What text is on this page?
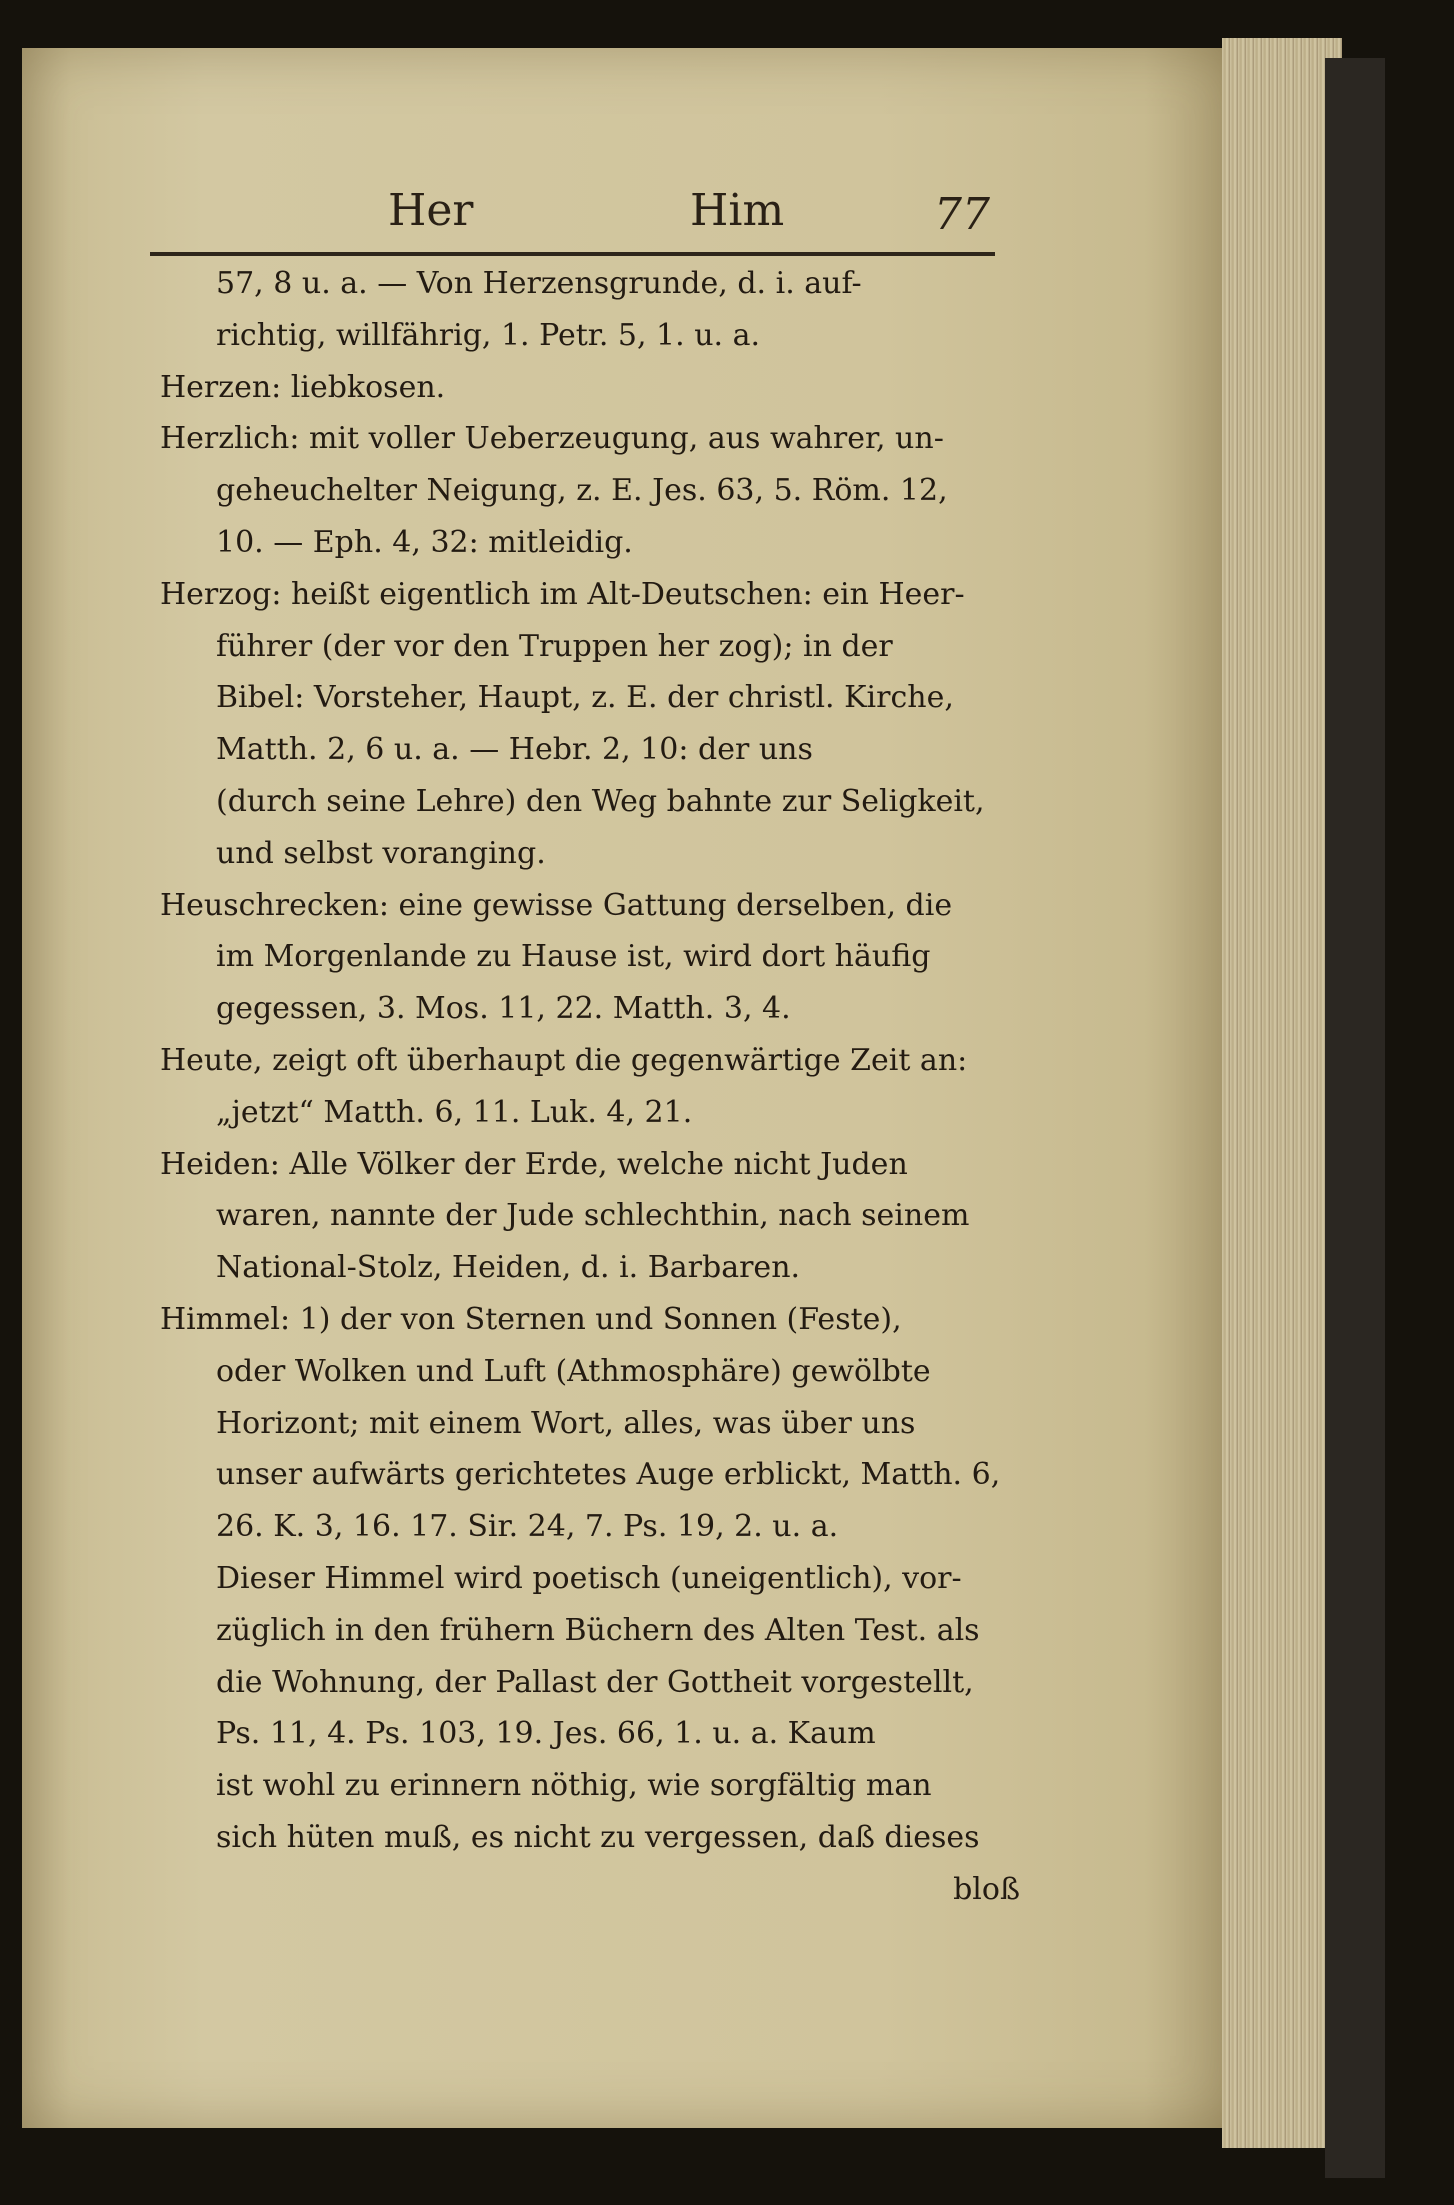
Her	Him	77
57, 8 u. a. — Von Herzensgrunde, d. i. auf-
richtig, willfährig, 1. Petr. 5, 1. u. a.
Herzen: liebkosen.
Herzlich: mit voller Ueberzeugung, aus wahrer, un-
geheuchelter Neigung, z. E. Jes. 63, 5. Röm. 12,
10. — Eph. 4, 32: mitleidig.
Herzog: heißt eigentlich im Alt-Deutschen: ein Heer-
führer (der vor den Truppen her zog); in der
Bibel: Vorsteher, Haupt, z. E. der christl. Kirche,
Matth. 2, 6 u. a. — Hebr. 2, 10: der uns
(durch seine Lehre) den Weg bahnte zur Seligkeit,
und selbst voranging.
Heuschrecken: eine gewisse Gattung derselben, die
im Morgenlande zu Hause ist, wird dort häufig
gegessen, 3. Mos. 11, 22. Matth. 3, 4.
Heute, zeigt oft überhaupt die gegenwärtige Zeit an:
„jetzt“ Matth. 6, 11. Luk. 4, 21.
Heiden: Alle Völker der Erde, welche nicht Juden
waren, nannte der Jude schlechthin, nach seinem
National-Stolz, Heiden, d. i. Barbaren.
Himmel: 1) der von Sternen und Sonnen (Feste),
oder Wolken und Luft (Athmosphäre) gewölbte
Horizont; mit einem Wort, alles, was über uns
unser aufwärts gerichtetes Auge erblickt, Matth. 6,
26. K. 3, 16. 17. Sir. 24, 7. Ps. 19, 2. u. a.
Dieser Himmel wird poetisch (uneigentlich), vor-
züglich in den frühern Büchern des Alten Test. als
die Wohnung, der Pallast der Gottheit vorgestellt,
Ps. 11, 4. Ps. 103, 19. Jes. 66, 1. u. a. Kaum
ist wohl zu erinnern nöthig, wie sorgfältig man
sich hüten muß, es nicht zu vergessen, daß dieses
bloß
